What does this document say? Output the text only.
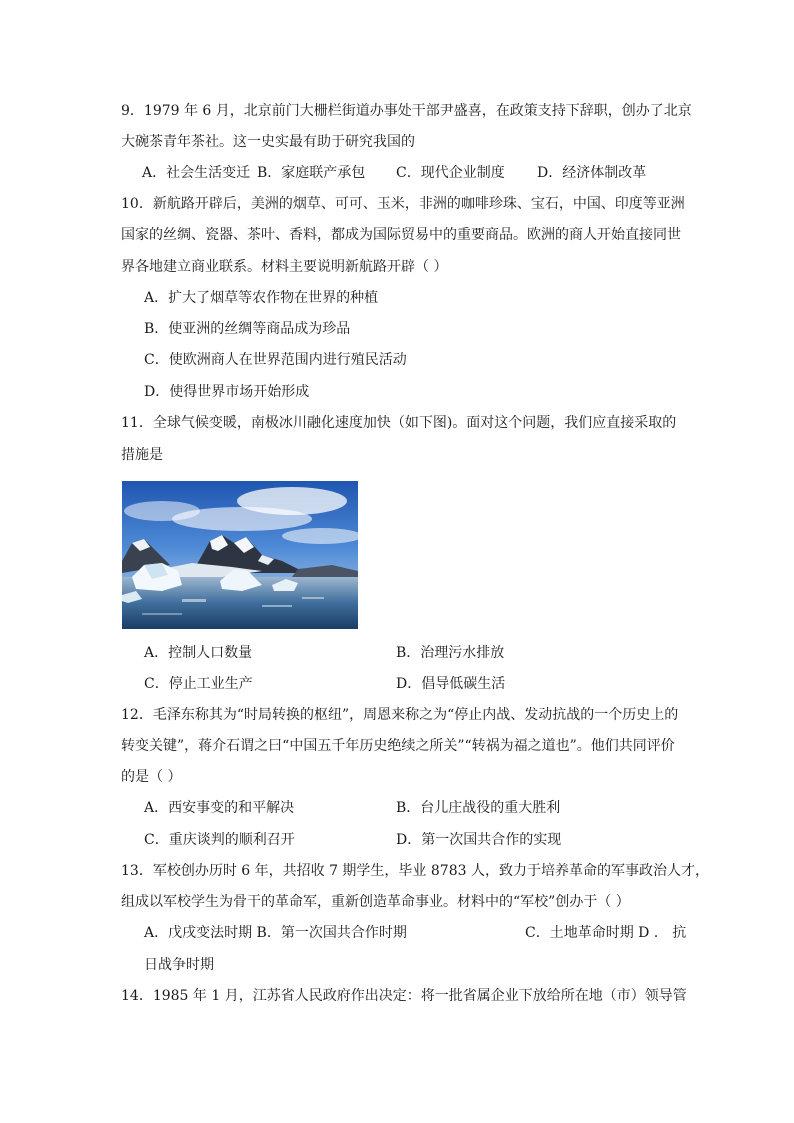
9．1979 年 6 月，北京前门大栅栏街道办事处干部尹盛喜，在政策支持下辞职，创办了北京
大碗茶青年茶社。这一史实最有助于研究我国的
A．社会生活变迁 B．家庭联产承包 C．现代企业制度 D．经济体制改革
10．新航路开辟后，美洲的烟草、可可、玉米，非洲的咖啡珍珠、宝石，中国、印度等亚洲
国家的丝绸、瓷器、茶叶、香料，都成为国际贸易中的重要商品。欧洲的商人开始直接同世
界各地建立商业联系。材料主要说明新航路开辟（ ）
A．扩大了烟草等农作物在世界的种植
B．使亚洲的丝绸等商品成为珍品
C．使欧洲商人在世界范围内进行殖民活动
D．使得世界市场开始形成
11．全球气候变暖，南极冰川融化速度加快（如下图)。面对这个问题，我们应直接采取的
措施是
A．控制人口数量	B．治理污水排放
C．停止工业生产	D．倡导低碳生活
12．毛泽东称其为“时局转换的枢纽”，周恩来称之为“停止内战、发动抗战的一个历史上的
转变关键”，蒋介石谓之曰“中国五千年历史绝续之所关”“转祸为福之道也”。他们共同评价
的是（ ）
A．西安事变的和平解决	B．台儿庄战役的重大胜利
C．重庆谈判的顺利召开	D．第一次国共合作的实现
13．军校创办历时 6 年，共招收 7 期学生，毕业 8783 人，致力于培养革命的军事政治人才，
组成以军校学生为骨干的革命军，重新创造革命事业。材料中的“军校”创办于（ ）
A．戊戌变法时期 B．第一次国共合作时期	C．土地革命时期 D ． 抗
日战争时期
14．1985 年 1 月，江苏省人民政府作出决定：将一批省属企业下放给所在地（市）领导管
